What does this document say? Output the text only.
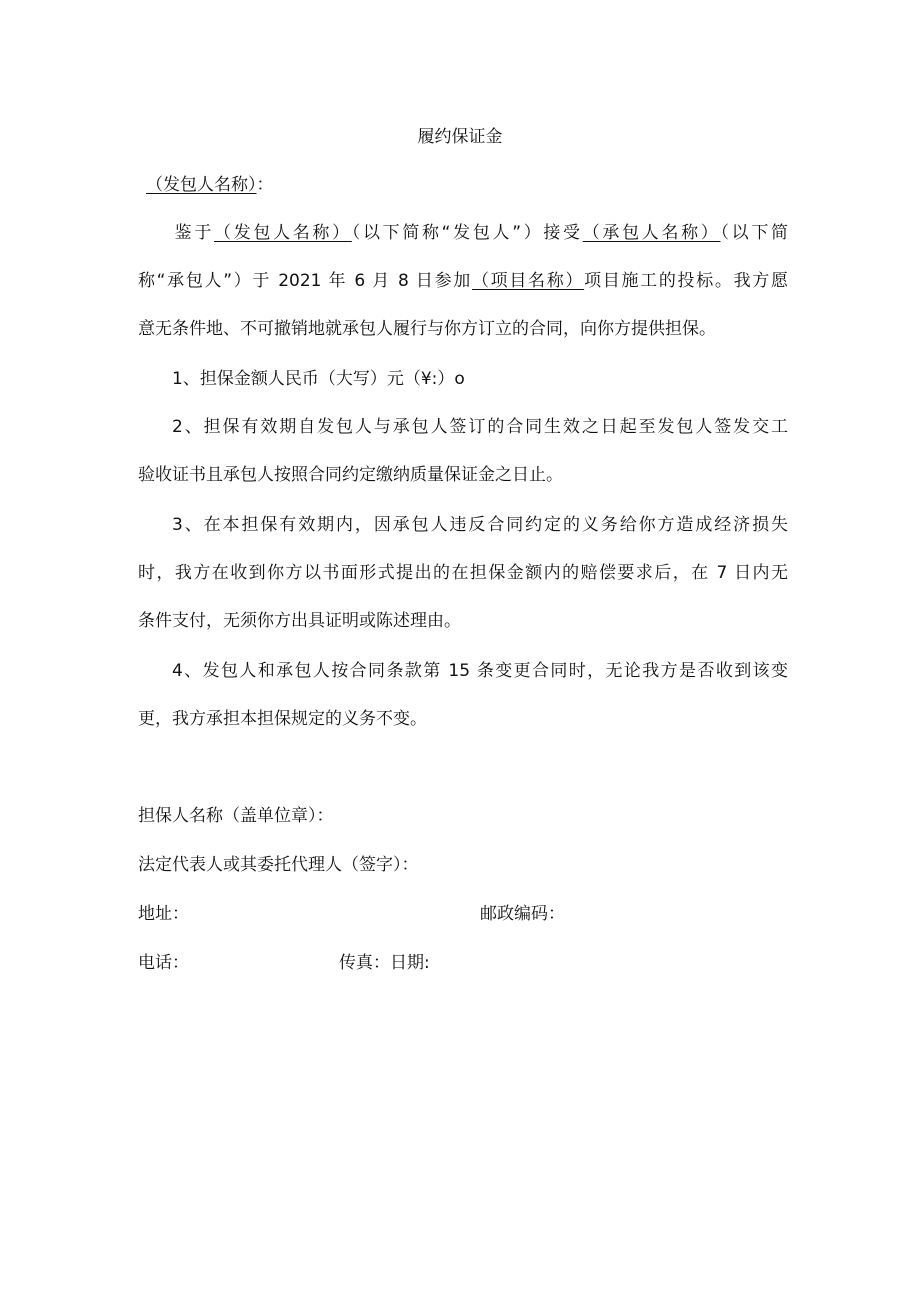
履约保证金
（发包人名称）：
鉴于（发包人名称）（以下简称“发包人”）接受（承包人名称）（以下简
称“承包人”）于 2021 年 6 月 8 日参加（项目名称）项目施工的投标。我方愿
意无条件地、不可撤销地就承包人履行与你方订立的合同，向你方提供担保。
1、担保金额人民币（大写）元（¥:）o
2、担保有效期自发包人与承包人签订的合同生效之日起至发包人签发交工
验收证书且承包人按照合同约定缴纳质量保证金之日止。
3、在本担保有效期内，因承包人违反合同约定的义务给你方造成经济损失
时，我方在收到你方以书面形式提出的在担保金额内的赔偿要求后，在 7 日内无
条件支付，无须你方出具证明或陈述理由。
4、发包人和承包人按合同条款第 15 条变更合同时，无论我方是否收到该变
更，我方承担本担保规定的义务不变。
担保人名称（盖单位章）：
法定代表人或其委托代理人（签字）：
地址：	邮政编码：
电话：	传真：日期:
